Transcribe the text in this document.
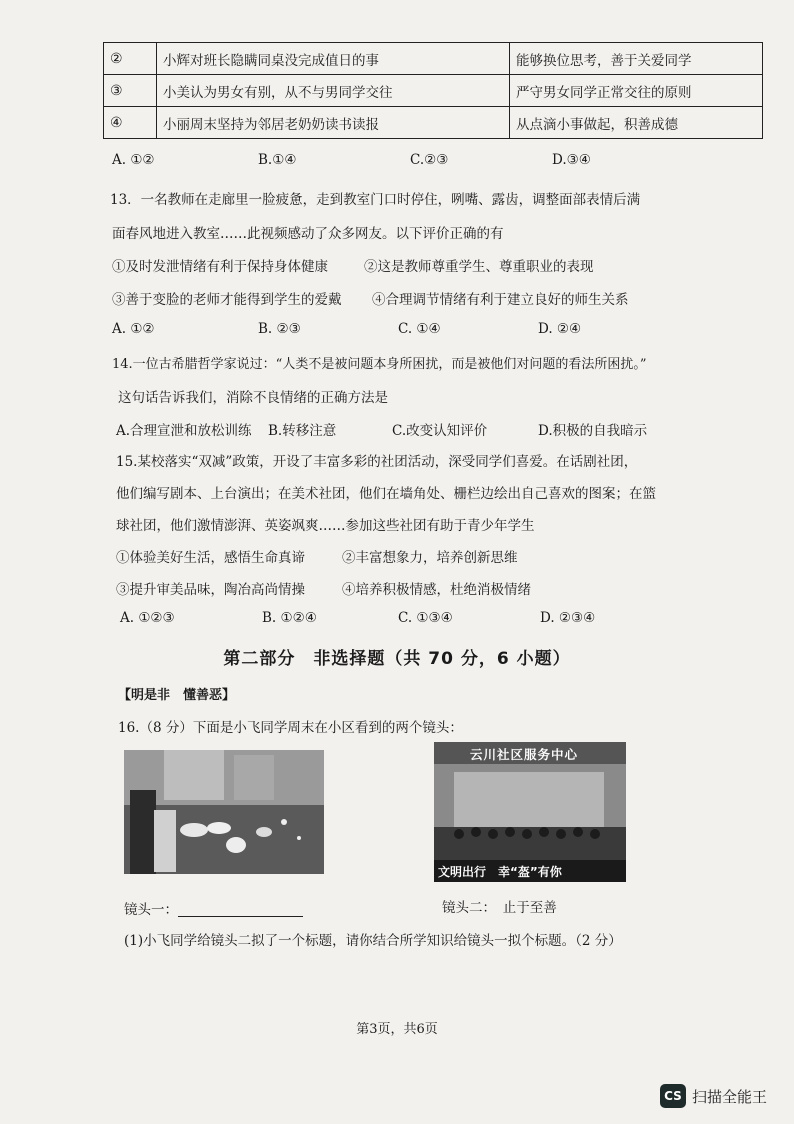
②	小辉对班长隐瞒同桌没完成值日的事	能够换位思考，善于关爱同学
③	小美认为男女有别，从不与男同学交往	严守男女同学正常交往的原则
④	小丽周末坚持为邻居老奶奶读书读报	从点滴小事做起，积善成德
A. ①②	B.①④	C.②③	D.③④
13．一名教师在走廊里一脸疲惫，走到教室门口时停住，咧嘴、露齿，调整面部表情后满
面春风地进入教室……此视频感动了众多网友。以下评价正确的有
①及时发泄情绪有利于保持身体健康	②这是教师尊重学生、尊重职业的表现
③善于变脸的老师才能得到学生的爱戴 ④合理调节情绪有利于建立良好的师生关系
A. ①②	B. ②③	C. ①④	D. ②④
14.一位古希腊哲学家说过：“人类不是被问题本身所困扰，而是被他们对问题的看法所困扰。”
这句话告诉我们，消除不良情绪的正确方法是
A.合理宣泄和放松训练 B.转移注意	C.改变认知评价	D.积极的自我暗示
15.某校落实“双减”政策，开设了丰富多彩的社团活动，深受同学们喜爱。在话剧社团，
他们编写剧本、上台演出；在美术社团，他们在墙角处、栅栏边绘出自己喜欢的图案；在篮
球社团，他们激情澎湃、英姿飒爽……参加这些社团有助于青少年学生
①体验美好生活，感悟生命真谛	②丰富想象力，培养创新思维
③提升审美品味，陶冶高尚情操	④培养积极情感，杜绝消极情绪
A. ①②③	B. ①②④	C. ①③④	D. ②③④
第二部分　非选择题（共 70 分，6 小题）
【明是非　懂善恶】
16.（8 分）下面是小飞同学周末在小区看到的两个镜头：
云川社区服务中心
文明出行　幸“盔”有你
镜头一：	镜头二：　止于至善
(1)小飞同学给镜头二拟了一个标题，请你结合所学知识给镜头一拟个标题。（2 分）
第3页，共6页
CS 扫描全能王
